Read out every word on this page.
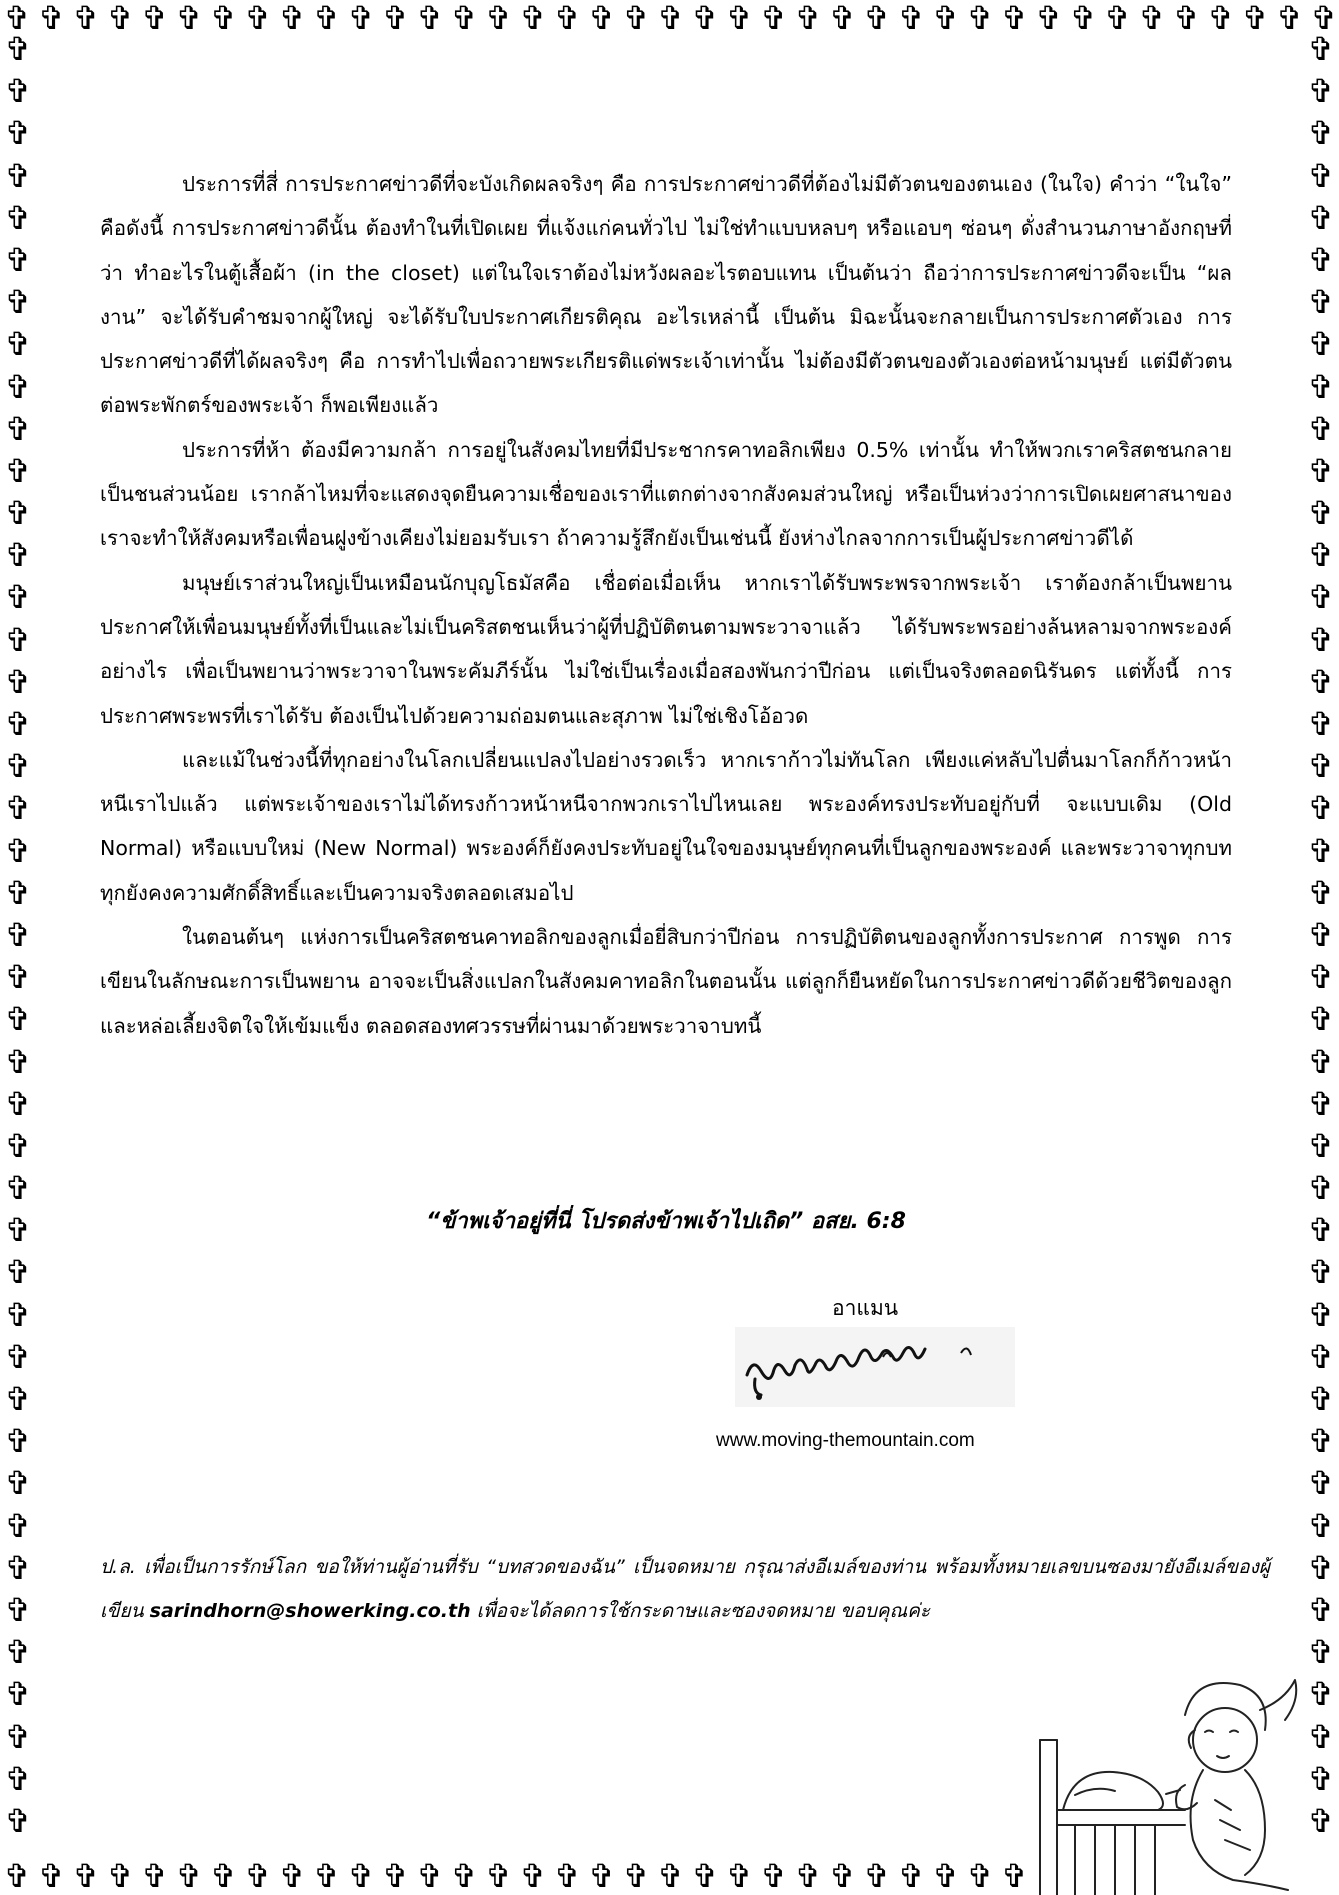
✞ ✞ ✞ ✞ ✞ ✞ ✞ ✞ ✞ ✞ ✞ ✞ ✞ ✞ ✞ ✞ ✞ ✞ ✞ ✞ ✞ ✞ ✞ ✞ ✞ ✞ ✞ ✞ ✞ ✞ ✞ ✞ ✞ ✞ ✞ ✞ ✞ ✞ ✞
✞ ✞ ✞ ✞ ✞ ✞ ✞ ✞ ✞ ✞ ✞ ✞ ✞ ✞ ✞ ✞ ✞ ✞ ✞ ✞ ✞ ✞ ✞ ✞ ✞ ✞ ✞ ✞ ✞ ✞
✞
✞
✞
✞
✞
✞
✞
✞
✞
✞
✞
✞
✞
✞
✞
✞
✞
✞
✞
✞
✞
✞
✞
✞
✞
✞
✞
✞
✞
✞
✞
✞
✞
✞
✞
✞
✞
✞
✞
✞
✞
✞
✞
✞
✞
✞
✞
✞
✞
✞
✞
✞
✞
✞
✞
✞
✞
✞
✞
✞
✞
✞
✞
✞
✞
✞
✞
✞
✞
✞
✞
✞
✞
✞
✞
✞
✞
✞
✞
✞
✞
✞
✞
✞
✞
✞

ประการที่สี่ การประกาศข่าวดีที่จะบังเกิดผลจริงๆ คือ การประกาศข่าวดีที่ต้องไม่มีตัวตนของตนเอง (ในใจ) คำว่า “ในใจ” คือดังนี้ การประกาศข่าวดีนั้น ต้องทำในที่เปิดเผย ที่แจ้งแก่คนทั่วไป ไม่ใช่ทำแบบหลบๆ หรือแอบๆ ซ่อนๆ ดั่งสำนวนภาษาอังกฤษที่ว่า ทำอะไรในตู้เสื้อผ้า (in the closet) แต่ในใจเราต้องไม่หวังผลอะไรตอบแทน เป็นต้นว่า ถือว่าการประกาศข่าวดีจะเป็น “ผลงาน” จะได้รับคำชมจากผู้ใหญ่ จะได้รับใบประกาศเกียรติคุณ อะไรเหล่านี้ เป็นต้น มิฉะนั้นจะกลายเป็นการประกาศตัวเอง การประกาศข่าวดีที่ได้ผลจริงๆ คือ การทำไปเพื่อถวายพระเกียรติแด่พระเจ้าเท่านั้น ไม่ต้องมีตัวตนของตัวเองต่อหน้ามนุษย์ แต่มีตัวตนต่อพระพักตร์ของพระเจ้า ก็พอเพียงแล้ว

ประการที่ห้า ต้องมีความกล้า การอยู่ในสังคมไทยที่มีประชากรคาทอลิกเพียง 0.5% เท่านั้น ทำให้พวกเราคริสตชนกลายเป็นชนส่วนน้อย เรากล้าไหมที่จะแสดงจุดยืนความเชื่อของเราที่แตกต่างจากสังคมส่วนใหญ่ หรือเป็นห่วงว่าการเปิดเผยศาสนาของเราจะทำให้สังคมหรือเพื่อนฝูงข้างเคียงไม่ยอมรับเรา ถ้าความรู้สึกยังเป็นเช่นนี้ ยังห่างไกลจากการเป็นผู้ประกาศข่าวดีได้

มนุษย์เราส่วนใหญ่เป็นเหมือนนักบุญโธมัสคือ เชื่อต่อเมื่อเห็น หากเราได้รับพระพรจากพระเจ้า เราต้องกล้าเป็นพยานประกาศให้เพื่อนมนุษย์ทั้งที่เป็นและไม่เป็นคริสตชนเห็นว่าผู้ที่ปฏิบัติตนตามพระวาจาแล้ว ได้รับพระพรอย่างล้นหลามจากพระองค์อย่างไร เพื่อเป็นพยานว่าพระวาจาในพระคัมภีร์นั้น ไม่ใช่เป็นเรื่องเมื่อสองพันกว่าปีก่อน แต่เป็นจริงตลอดนิรันดร แต่ทั้งนี้ การประกาศพระพรที่เราได้รับ ต้องเป็นไปด้วยความถ่อมตนและสุภาพ ไม่ใช่เชิงโอ้อวด

และแม้ในช่วงนี้ที่ทุกอย่างในโลกเปลี่ยนแปลงไปอย่างรวดเร็ว หากเราก้าวไม่ทันโลก เพียงแค่หลับไปตื่นมาโลกก็ก้าวหน้าหนีเราไปแล้ว แต่พระเจ้าของเราไม่ได้ทรงก้าวหน้าหนีจากพวกเราไปไหนเลย พระองค์ทรงประทับอยู่กับที่ จะแบบเดิม (Old Normal) หรือแบบใหม่ (New Normal) พระองค์ก็ยังคงประทับอยู่ในใจของมนุษย์ทุกคนที่เป็นลูกของพระองค์ และพระวาจาทุกบททุกยังคงความศักดิ์สิทธิ์และเป็นความจริงตลอดเสมอไป

ในตอนต้นๆ แห่งการเป็นคริสตชนคาทอลิกของลูกเมื่อยี่สิบกว่าปีก่อน การปฏิบัติตนของลูกทั้งการประกาศ การพูด การเขียนในลักษณะการเป็นพยาน อาจจะเป็นสิ่งแปลกในสังคมคาทอลิกในตอนนั้น แต่ลูกก็ยืนหยัดในการประกาศข่าวดีด้วยชีวิตของลูกและหล่อเลี้ยงจิตใจให้เข้มแข็ง ตลอดสองทศวรรษที่ผ่านมาด้วยพระวาจาบทนี้

“ข้าพเจ้าอยู่ที่นี่ โปรดส่งข้าพเจ้าไปเถิด” อสย. 6:8
อาแมน
www.moving-themountain.com
ป.ล. เพื่อเป็นการรักษ์โลก ขอให้ท่านผู้อ่านที่รับ “บทสวดของฉัน” เป็นจดหมาย กรุณาส่งอีเมล์ของท่าน พร้อมทั้งหมายเลขบนซองมายังอีเมล์ของผู้เขียน sarindhorn@showerking.co.th เพื่อจะได้ลดการใช้กระดาษและซองจดหมาย ขอบคุณค่ะ
